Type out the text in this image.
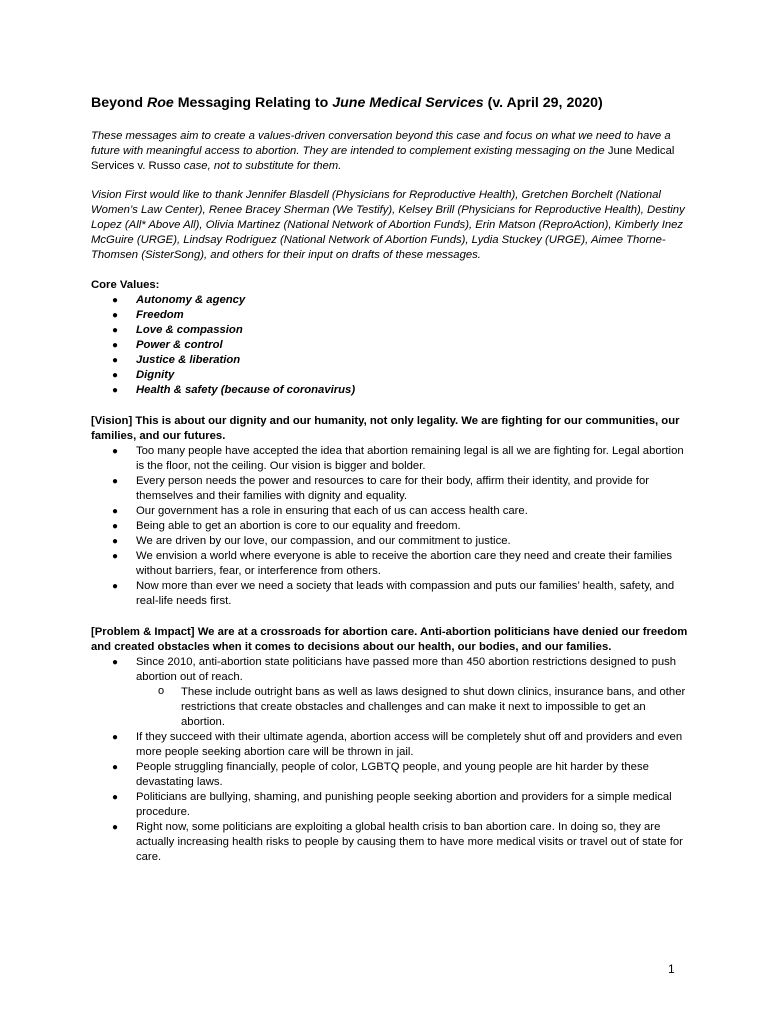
Beyond Roe Messaging Relating to June Medical Services (v. April 29, 2020)

These messages aim to create a values-driven conversation beyond this case and focus on what we need to have a future with meaningful access to abortion. They are intended to complement existing messaging on the June Medical Services v. Russo case, not to substitute for them.

Vision First would like to thank Jennifer Blasdell (Physicians for Reproductive Health), Gretchen Borchelt (National Women’s Law Center), Renee Bracey Sherman (We Testify), Kelsey Brill (Physicians for Reproductive Health), Destiny Lopez (All* Above All), Olivia Martinez (National Network of Abortion Funds), Erin Matson (ReproAction), Kimberly Inez McGuire (URGE), Lindsay Rodriguez (National Network of Abortion Funds), Lydia Stuckey (URGE), Aimee Thorne-Thomsen (SisterSong), and others for their input on drafts of these messages.

Core Values:
● Autonomy & agency
● Freedom
● Love & compassion
● Power & control
● Justice & liberation
● Dignity
● Health & safety (because of coronavirus)
[Vision] This is about our dignity and our humanity, not only legality. We are fighting for our communities, our families, and our futures.
● Too many people have accepted the idea that abortion remaining legal is all we are fighting for. Legal abortion is the floor, not the ceiling. Our vision is bigger and bolder.
● Every person needs the power and resources to care for their body, affirm their identity, and provide for themselves and their families with dignity and equality.
● Our government has a role in ensuring that each of us can access health care.
● Being able to get an abortion is core to our equality and freedom.
● We are driven by our love, our compassion, and our commitment to justice.
● We envision a world where everyone is able to receive the abortion care they need and create their families without barriers, fear, or interference from others.
● Now more than ever we need a society that leads with compassion and puts our families’ health, safety, and real-life needs first.
[Problem & Impact] We are at a crossroads for abortion care. Anti-abortion politicians have denied our freedom and created obstacles when it comes to decisions about our health, our bodies, and our families.
● Since 2010, anti-abortion state politicians have passed more than 450 abortion restrictions designed to push abortion out of reach.
o These include outright bans as well as laws designed to shut down clinics, insurance bans, and other restrictions that create obstacles and challenges and can make it next to impossible to get an abortion.
● If they succeed with their ultimate agenda, abortion access will be completely shut off and providers and even more people seeking abortion care will be thrown in jail.
● People struggling financially, people of color, LGBTQ people, and young people are hit harder by these devastating laws.
● Politicians are bullying, shaming, and punishing people seeking abortion and providers for a simple medical procedure.
● Right now, some politicians are exploiting a global health crisis to ban abortion care. In doing so, they are actually increasing health risks to people by causing them to have more medical visits or travel out of state for care.
1
